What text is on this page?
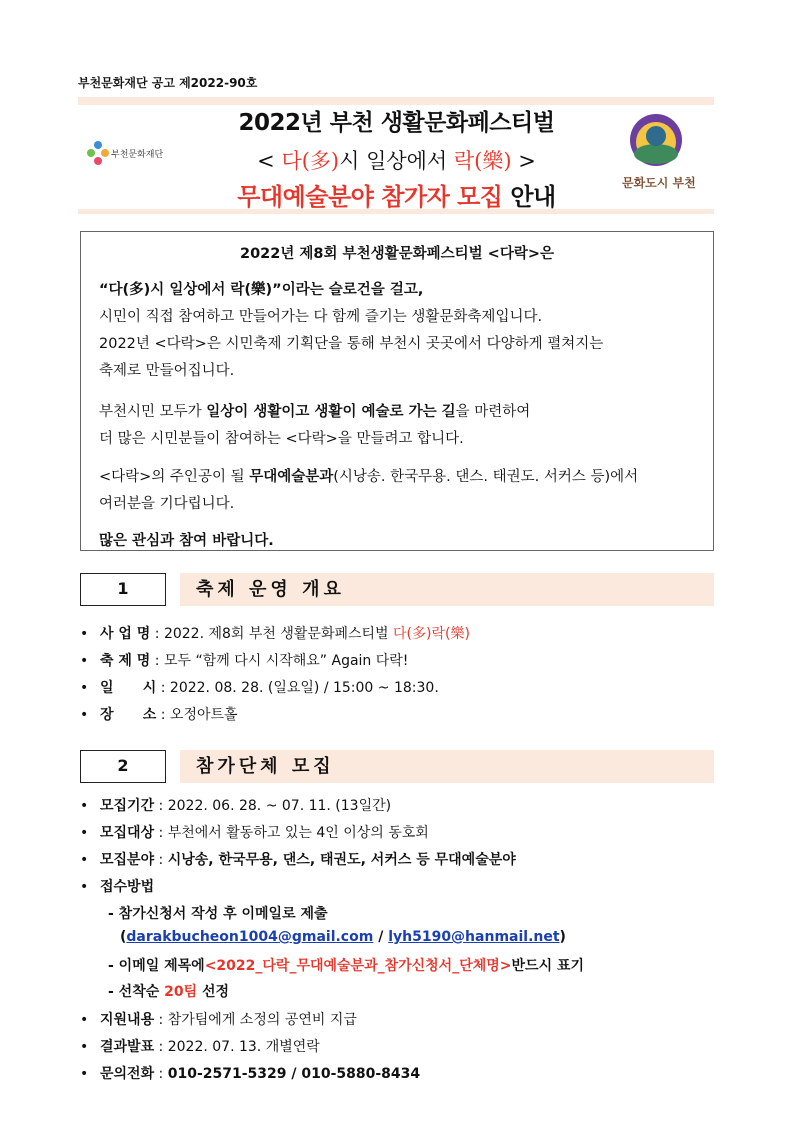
부천문화재단 공고 제2022-90호
부천문화재단
문화도시 부천
2022년 부천 생활문화페스티벌
< 다(多)시 일상에서 락(樂) >
무대예술분야 참가자 모집 안내
2022년 제8회 부천생활문화페스티벌 <다락>은
“다(多)시 일상에서 락(樂)”이라는 슬로건을 걸고,
시민이 직접 참여하고 만들어가는 다 함께 즐기는 생활문화축제입니다.
2022년 <다락>은 시민축제 기획단을 통해 부천시 곳곳에서 다양하게 펼쳐지는
축제로 만들어집니다.
부천시민 모두가 일상이 생활이고 생활이 예술로 가는 길을 마련하여
더 많은 시민분들이 참여하는 <다락>을 만들려고 합니다.
<다락>의 주인공이 될 무대예술분과(시낭송. 한국무용. 댄스. 태권도. 서커스 등)에서
여러분을 기다립니다.
많은 관심과 참여 바랍니다.
1	축제 운영 개요
• 사 업 명 : 2022. 제8회 부천 생활문화페스티벌 다(多)락(樂)
• 축 제 명 : 모두 “함께 다시 시작해요” Again 다락!
• 일      시 : 2022. 08. 28. (일요일) / 15:00 ~ 18:30.
• 장      소 : 오정아트홀
2	참가단체 모집
• 모집기간 : 2022. 06. 28. ~ 07. 11. (13일간)
• 모집대상 : 부천에서 활동하고 있는 4인 이상의 동호회
• 모집분야 : 시낭송, 한국무용, 댄스, 태권도, 서커스 등 무대예술분야
• 접수방법
- 참가신청서 작성 후 이메일로 제출
(darakbucheon1004@gmail.com / lyh5190@hanmail.net)
- 이메일 제목에<2022_다락_무대예술분과_참가신청서_단체명>반드시 표기
- 선착순 20팀 선정
• 지원내용 : 참가팀에게 소정의 공연비 지급
• 결과발표 : 2022. 07. 13. 개별연락
• 문의전화 : 010-2571-5329 / 010-5880-8434
